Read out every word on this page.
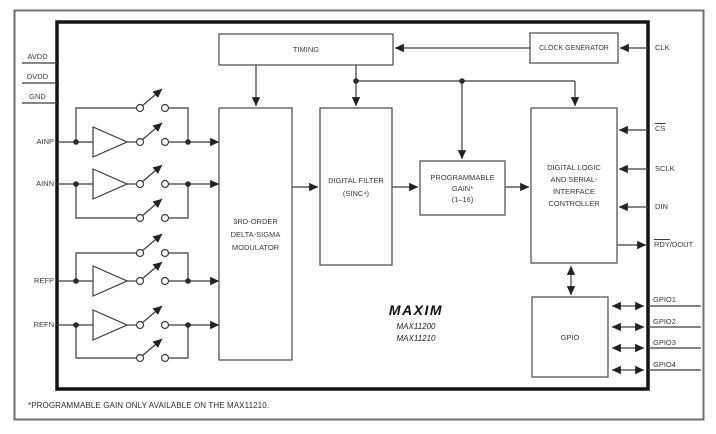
TIMING	CLOCK GENERATOR
3RD-ORDER
DELTA-SIGMA
MODULATOR
DIGITAL FILTER
(SINC⁴)
PROGRAMMABLE
GAIN*
(1–16)
DIGITAL LOGIC
AND SERIAL-
INTERFACE
CONTROLLER
GPIO
AVDD
DVDD
GND
AINP
AINN
REFP
REFN
CLK
$\overline{CS}$
SCLK
DIN
$\overline{RDY}$/DOUT
GPIO1
GPIO2
GPIO3
GPIO4
MAXIM
MAX11200
MAX11210
*PROGRAMMABLE GAIN ONLY AVAILABLE ON THE MAX11210.
